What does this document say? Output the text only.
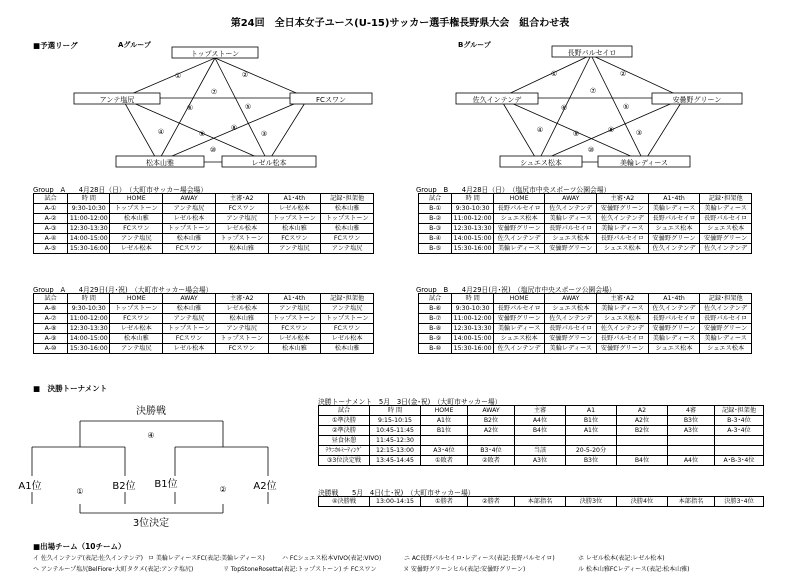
第24回　全日本女子ユース(U-15)サッカー選手権長野県大会　組合わせ表
■予選リーグ	Aグループ	Bグループ
トップストーン
FCスワン
レゼル松本
松本山雅
アンテ塩尻
①	②
③
④
⑤
⑥
⑦
⑧
⑨
⑩
長野パルセイロ
安曇野グリーン
美輪レディース
シュエス松本
佐久インテンデ
①	②
③
④
⑤
⑥
⑦
⑧
⑨
⑩
Group　A　　4月28日（日）　（大町市サッカー場会場）
試合	時 間	HOME	AWAY	主審･A2	A1･4th	記録･担架他
A-①	9:30-10:30	トップストーン	アンテ塩尻	FCスワン	レゼル松本	松本山雅
A-②	11:00-12:00	松本山雅	レゼル松本	アンテ塩尻	トップストーン	トップストーン
A-③	12:30-13:30	FCスワン	トップストーン	レゼル松本	松本山雅	松本山雅
A-④	14:00-15:00	アンテ塩尻	松本山雅	トップストーン	FCスワン	FCスワン
A-⑤	15:30-16:00	レゼル松本	FCスワン	松本山雅	アンテ塩尻	アンテ塩尻
Group　B　　4月28日（日）　（塩尻市中央スポーツ公園会場）
試合	時 間	HOME	AWAY	主審･A2	A1･4th	記録･担架他
B-①	9:30-10:30	長野パルセイロ	佐久インテンデ	安曇野グリーン	美輪レディース	美輪レディース
B-②	11:00-12:00	シュエス松本	美輪レディース	佐久インテンデ	長野パルセイロ	長野パルセイロ
B-③	12:30-13:30	安曇野グリーン	長野パルセイロ	美輪レディース	シュエス松本	シュエス松本
B-④	14:00-15:00	佐久インテンデ	シュエス松本	長野パルセイロ	安曇野グリーン	安曇野グリーン
B-⑤	15:30-16:00	美輪レディース	安曇野グリーン	シュエス松本	佐久インテンデ	佐久インテンデ
Group　A　　4月29日(月･祝)　（大町市サッカー場会場）
試合	時 間	HOME	AWAY	主審･A2	A1･4th	記録･担架他
A-⑥	9:30-10:30	トップストーン	松本山雅	レゼル松本	アンテ塩尻	アンテ塩尻
A-⑦	11:00-12:00	FCスワン	アンテ塩尻	松本山雅	トップストーン	トップストーン
A-⑧	12:30-13:30	レゼル松本	トップストーン	アンテ塩尻	FCスワン	FCスワン
A-⑨	14:00-15:00	松本山雅	FCスワン	トップストーン	レゼル松本	レゼル松本
A-⑩	15:30-16:00	アンテ塩尻	レゼル松本	FCスワン	松本山雅	松本山雅
Group　B　　4月29日(月･祝)　（塩尻市中央スポーツ公園会場）
試合	時 間	HOME	AWAY	主審･A2	A1･4th	記録･担架他
B-⑥	9:30-10:30	長野パルセイロ	シュエス松本	美輪レディース	佐久インテンデ	佐久インテンデ
B-⑦	11:00-12:00	安曇野グリーン	佐久インテンデ	シュエス松本	長野パルセイロ	長野パルセイロ
B-⑧	12:30-13:30	美輪レディース	長野パルセイロ	佐久インテンデ	安曇野グリーン	安曇野グリーン
B-⑨	14:00-15:00	シュエス松本	安曇野グリーン	長野パルセイロ	美輪レディース	美輪レディース
B-⑩	15:30-16:00	佐久インテンデ	美輪レディース	安曇野グリーン	シュエス松本	シュエス松本
■　決勝トーナメント
決勝戦
④
A1位	B2位 B1位	A2位
①	②
3位決定
決勝トーナメント　5月　3日(金･祝)　（大町市サッカー場）
試合	時 間	HOME	AWAY	主審	A1	A2	4審	記録･担架他
①準決勝	9:15-10:15	A1位	B2位	A4位	B1位	A2位	B3位	B-3･4位
②準決勝	10:45-11:45	B1位	A2位	B4位	A1位	B2位	A3位	A-3･4位
昼食休憩	11:45-12:30							
ﾃｸﾆｶﾙﾐｰﾃｨﾝｸﾞ	12:15-13:00	A3･4位	B3･4位	当該	20-5-20分			
③3位決定戦	13:45-14:45	①敗者	②敗者	A3位	B3位	B4位	A4位	A･B-3･4位
決勝戦　　5月　4日(土･祝)　（大町市サッカー場）
④決勝戦	13:00-14:15	①勝者	②勝者	本部指名	決勝3位	決勝4位	本部指名	決勝3･4位
■出場チーム（10チーム）
イ 佐久インテンデ(表記:佐久インテンデ) ロ 美輪レディースFC(表記:美輪レディース)	ハ FCシュエス松本VIVO(表記:VIVO)	ニ AC長野パルセイロ･レディース(表記:長野パルセイロ)	ホ レゼル松本(表記:レゼル松本)
ヘ アンテループ塩尻BelFiore･大町タクメ(表記:アンテ塩尻)	リ TopStoneRosetta(表記:トップストーン) チ FCスワン	ヌ 安曇野グリーンヒル(表記:安曇野グリーン)	ル 松本山雅FCレディース(表記:松本山雅)
